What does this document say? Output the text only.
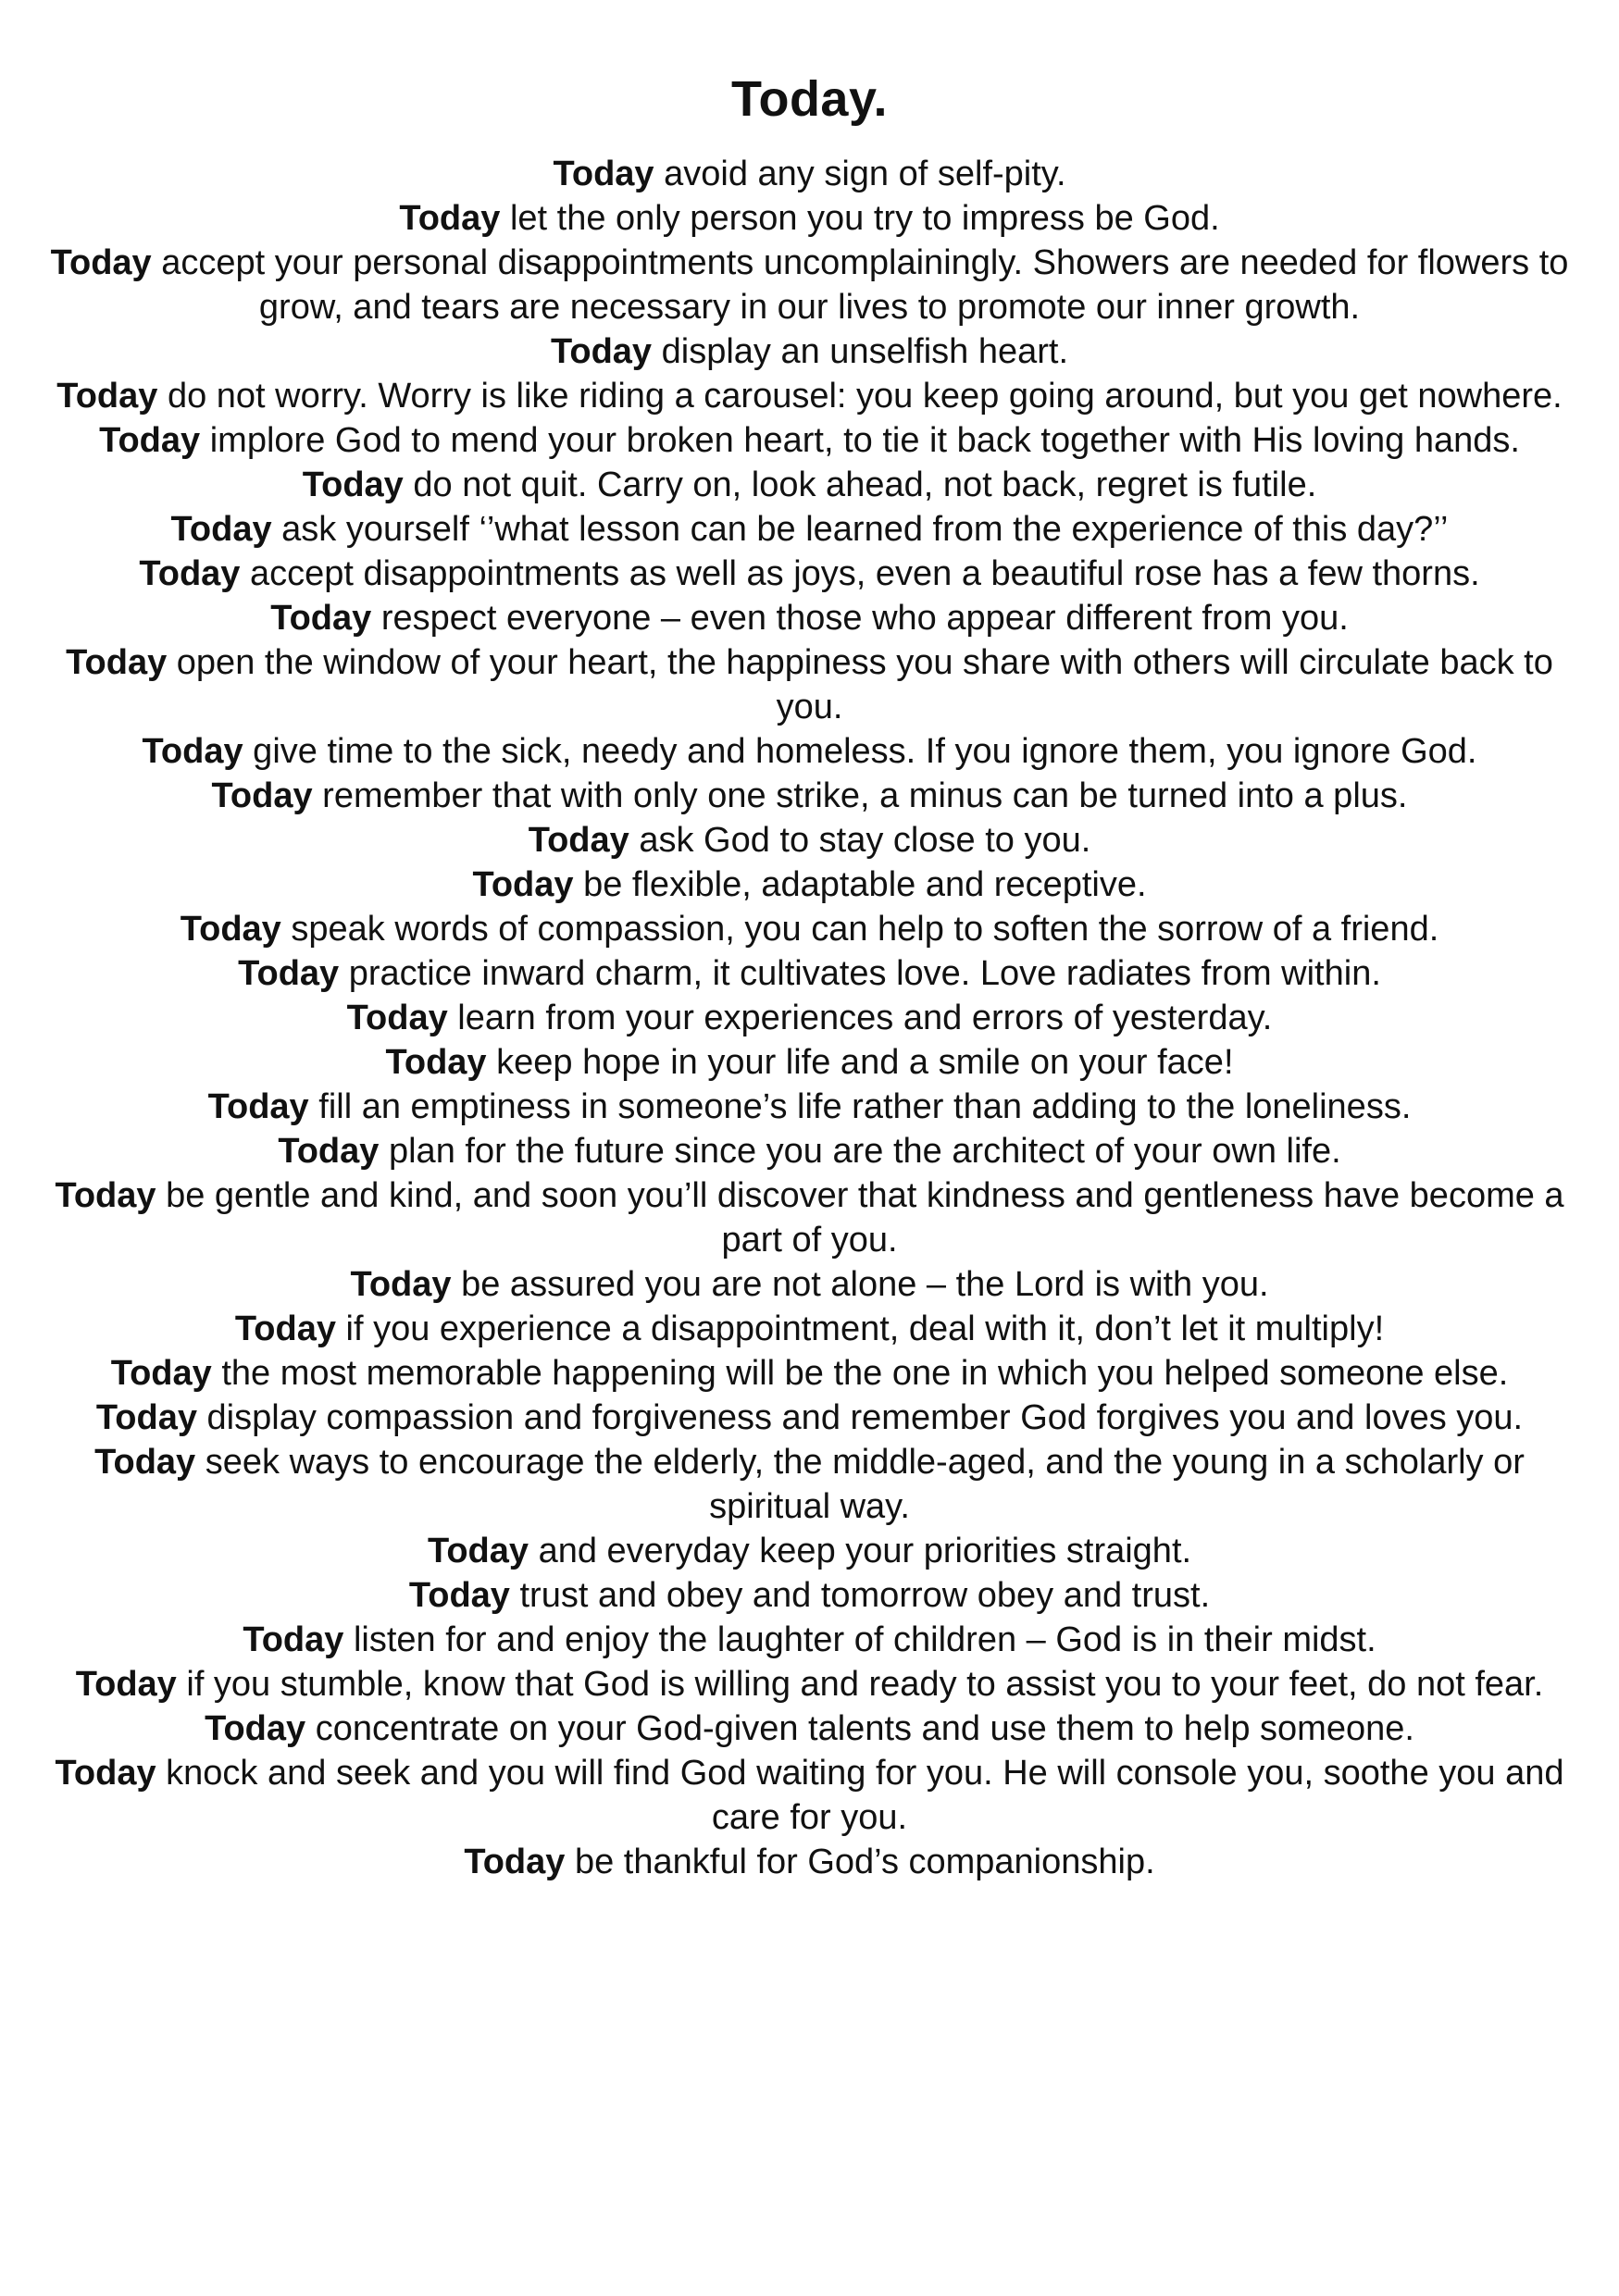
Today.
Today avoid any sign of self-pity.
Today let the only person you try to impress be God.
Today accept your personal disappointments uncomplainingly. Showers are needed for flowers to grow, and tears are necessary in our lives to promote our inner growth.
Today display an unselfish heart.
Today do not worry. Worry is like riding a carousel: you keep going around, but you get nowhere.
Today implore God to mend your broken heart, to tie it back together with His loving hands.
Today do not quit. Carry on, look ahead, not back, regret is futile.
Today ask yourself ‘’what lesson can be learned from the experience of this day?’’
Today accept disappointments as well as joys, even a beautiful rose has a few thorns.
Today respect everyone – even those who appear different from you.
Today open the window of your heart, the happiness you share with others will circulate back to you.
Today give time to the sick, needy and homeless. If you ignore them, you ignore God.
Today remember that with only one strike, a minus can be turned into a plus.
Today ask God to stay close to you.
Today be flexible, adaptable and receptive.
Today speak words of compassion, you can help to soften the sorrow of a friend.
Today practice inward charm, it cultivates love. Love radiates from within.
Today learn from your experiences and errors of yesterday.
Today keep hope in your life and a smile on your face!
Today fill an emptiness in someone’s life rather than adding to the loneliness.
Today plan for the future since you are the architect of your own life.
Today be gentle and kind, and soon you’ll discover that kindness and gentleness have become a part of you.
Today be assured you are not alone – the Lord is with you.
Today if you experience a disappointment, deal with it, don’t let it multiply!
Today the most memorable happening will be the one in which you helped someone else.
Today display compassion and forgiveness and remember God forgives you and loves you.
Today seek ways to encourage the elderly, the middle-aged, and the young in a scholarly or spiritual way.
Today and everyday keep your priorities straight.
Today trust and obey and tomorrow obey and trust.
Today listen for and enjoy the laughter of children – God is in their midst.
Today if you stumble, know that God is willing and ready to assist you to your feet, do not fear.
Today concentrate on your God-given talents and use them to help someone.
Today knock and seek and you will find God waiting for you. He will console you, soothe you and care for you.
Today be thankful for God’s companionship.
